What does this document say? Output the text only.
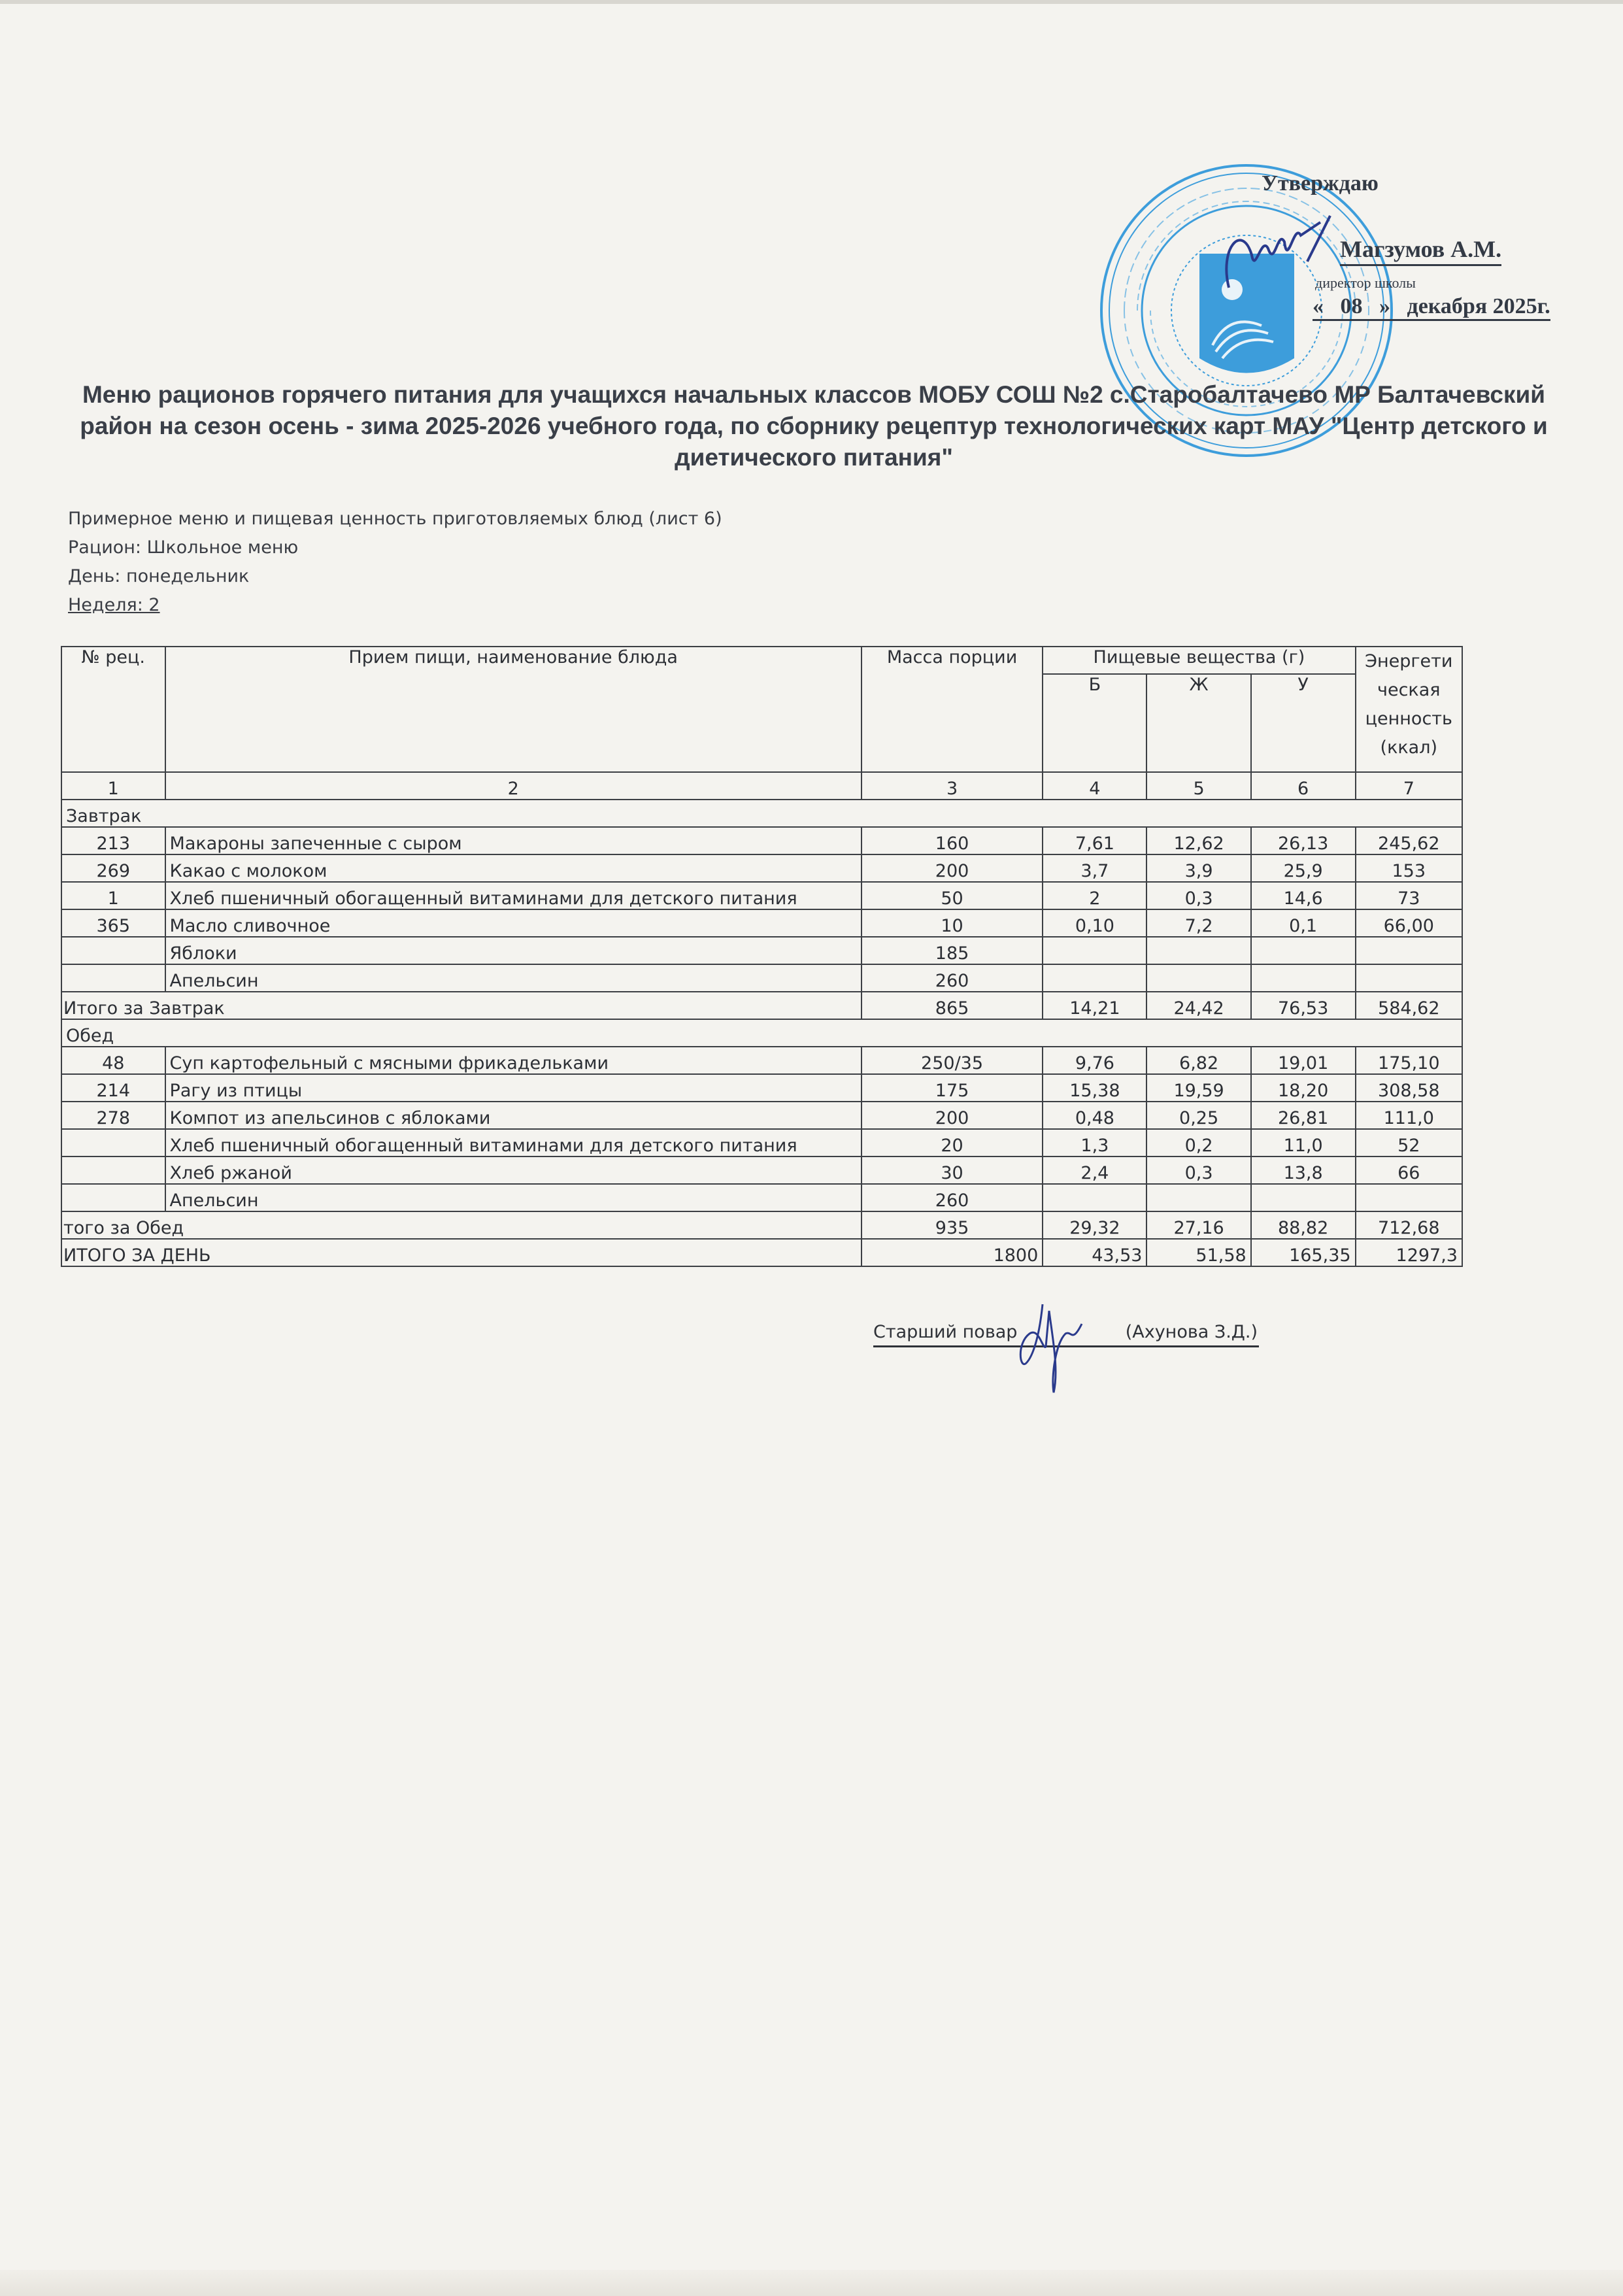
Утверждаю
Магзумов А.М.
директор школы
«   08   »   декабря 2025г.
Меню рационов горячего питания для учащихся начальных классов МОБУ СОШ №2 с.Старобалтачево МР Балтачевский район на сезон осень - зима 2025-2026 учебного года, по сборнику рецептур технологических карт МАУ "Центр детского и диетического питания"
Примерное меню и пищевая ценность приготовляемых блюд (лист 6)
Рацион: Школьное меню
День: понедельник
Неделя: 2
№ рец.	Прием пищи, наименование блюда	Масса порции	Пищевые вещества (г)			Энергети
ческая
ценность
(ккал)

			Б	Ж	У	
1	2	3	4	5	6	7
Завтрак						
213	Макароны запеченные с сыром	160	7,61	12,62	26,13	245,62
269	Какао с молоком	200	3,7	3,9	25,9	153
1	Хлеб пшеничный обогащенный витаминами для детского питания	50	2	0,3	14,6	73
365	Масло сливочное	10	0,10	7,2	0,1	66,00
	Яблоки	185				
	Апельсин	260				
Итого за Завтрак		865	14,21	24,42	76,53	584,62
Обед						
48	Суп картофельный с мясными фрикадельками	250/35	9,76	6,82	19,01	175,10
214	Рагу из птицы	175	15,38	19,59	18,20	308,58
278	Компот из апельсинов с яблоками	200	0,48	0,25	26,81	111,0
	Хлеб пшеничный обогащенный витаминами для детского питания	20	1,3	0,2	11,0	52
	Хлеб ржаной	30	2,4	0,3	13,8	66
	Апельсин	260				
того за Обед		935	29,32	27,16	88,82	712,68
ИТОГО ЗА ДЕНЬ		1800	43,53	51,58	165,35	1297,3
Старший повар	(Ахунова З.Д.)
